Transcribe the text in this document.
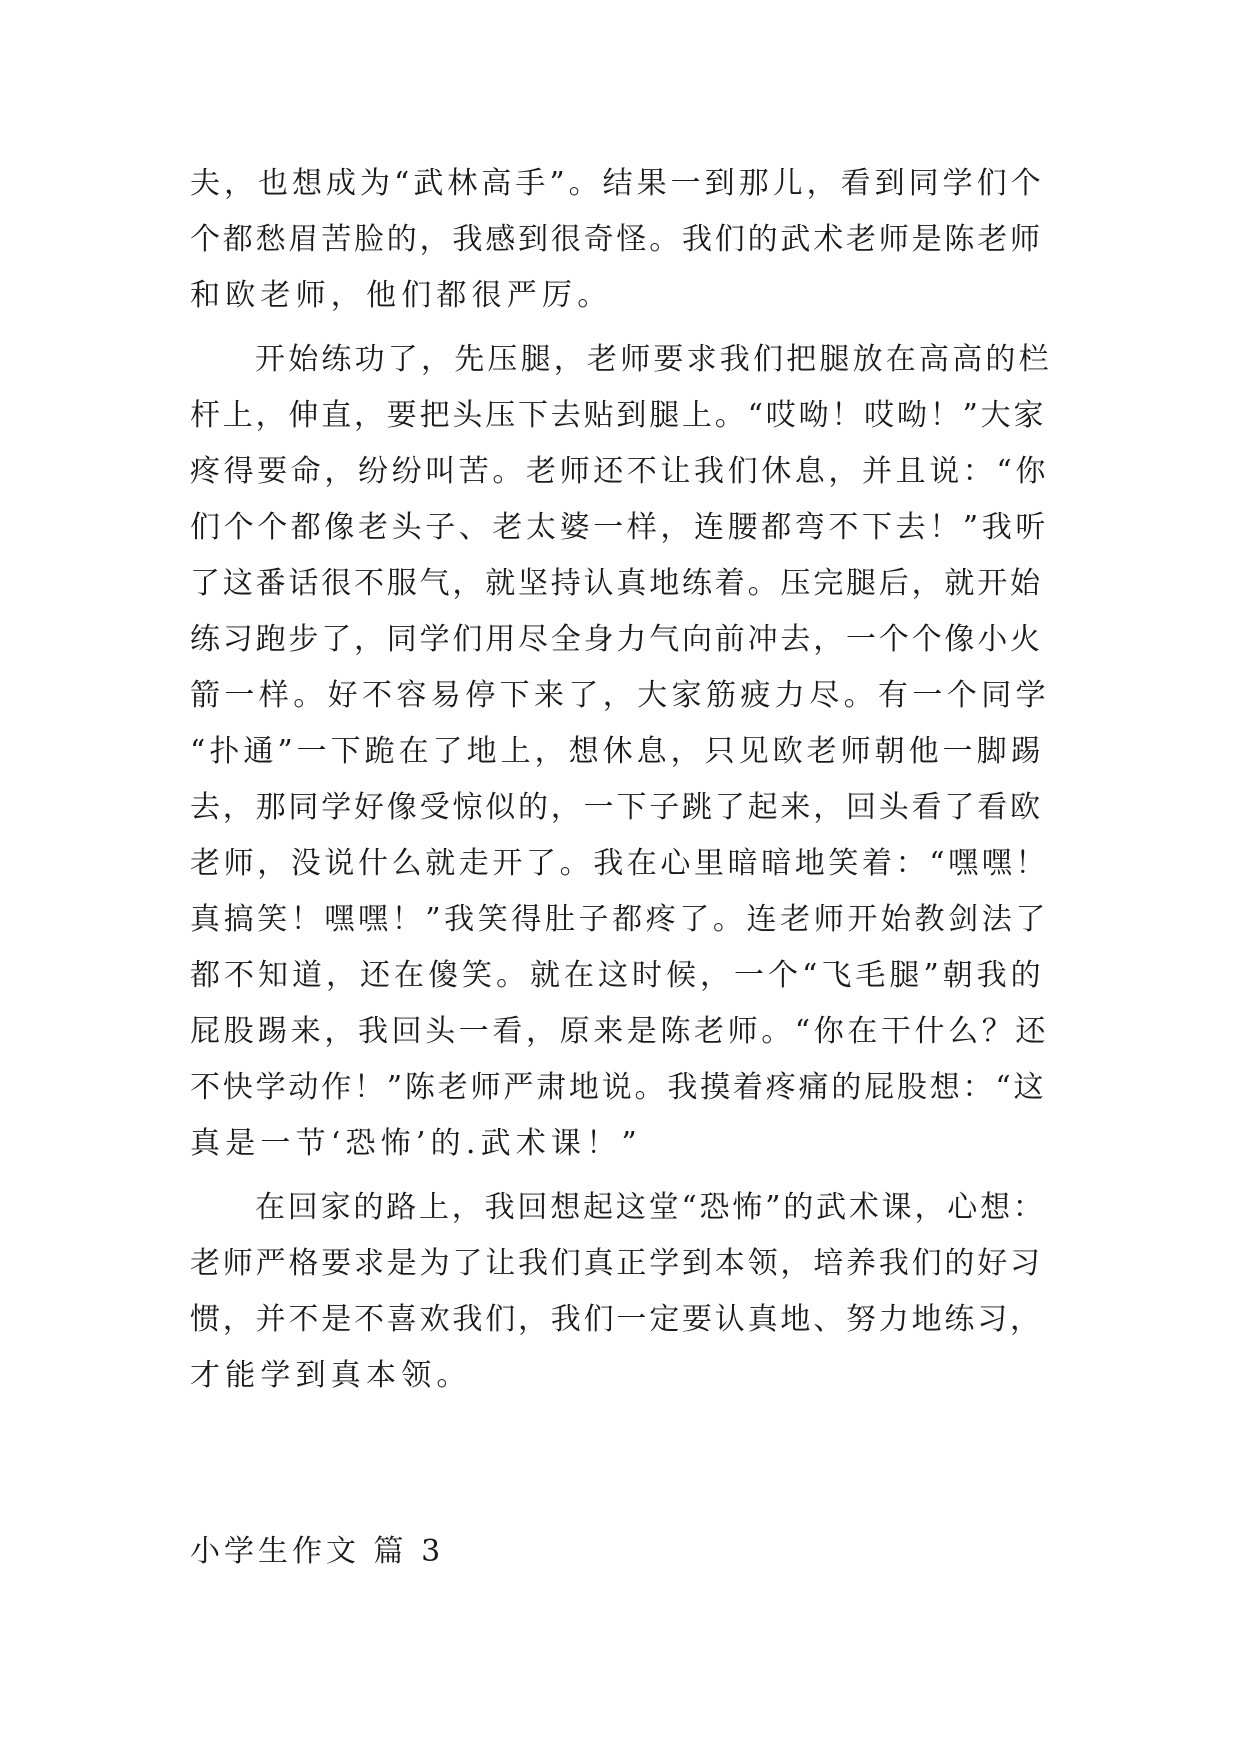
夫，也想成为“武林高手”。结果一到那儿，看到同学们个
个都愁眉苦脸的，我感到很奇怪。我们的武术老师是陈老师
和欧老师，他们都很严厉。
开始练功了，先压腿，老师要求我们把腿放在高高的栏
杆上，伸直，要把头压下去贴到腿上。“哎呦！哎呦！”大家
疼得要命，纷纷叫苦。老师还不让我们休息，并且说：“你
们个个都像老头子、老太婆一样，连腰都弯不下去！”我听
了这番话很不服气，就坚持认真地练着。压完腿后，就开始
练习跑步了，同学们用尽全身力气向前冲去，一个个像小火
箭一样。好不容易停下来了，大家筋疲力尽。有一个同学
“扑通”一下跪在了地上，想休息，只见欧老师朝他一脚踢
去，那同学好像受惊似的，一下子跳了起来，回头看了看欧
老师，没说什么就走开了。我在心里暗暗地笑着：“嘿嘿！
真搞笑！嘿嘿！”我笑得肚子都疼了。连老师开始教剑法了
都不知道，还在傻笑。就在这时候，一个“飞毛腿”朝我的
屁股踢来，我回头一看，原来是陈老师。“你在干什么？还
不快学动作！”陈老师严肃地说。我摸着疼痛的屁股想：“这
真是一节‘恐怖’的.武术课！”
在回家的路上，我回想起这堂“恐怖”的武术课，心想：
老师严格要求是为了让我们真正学到本领，培养我们的好习
惯，并不是不喜欢我们，我们一定要认真地、努力地练习，
才能学到真本领。
小学生作文 篇 3
